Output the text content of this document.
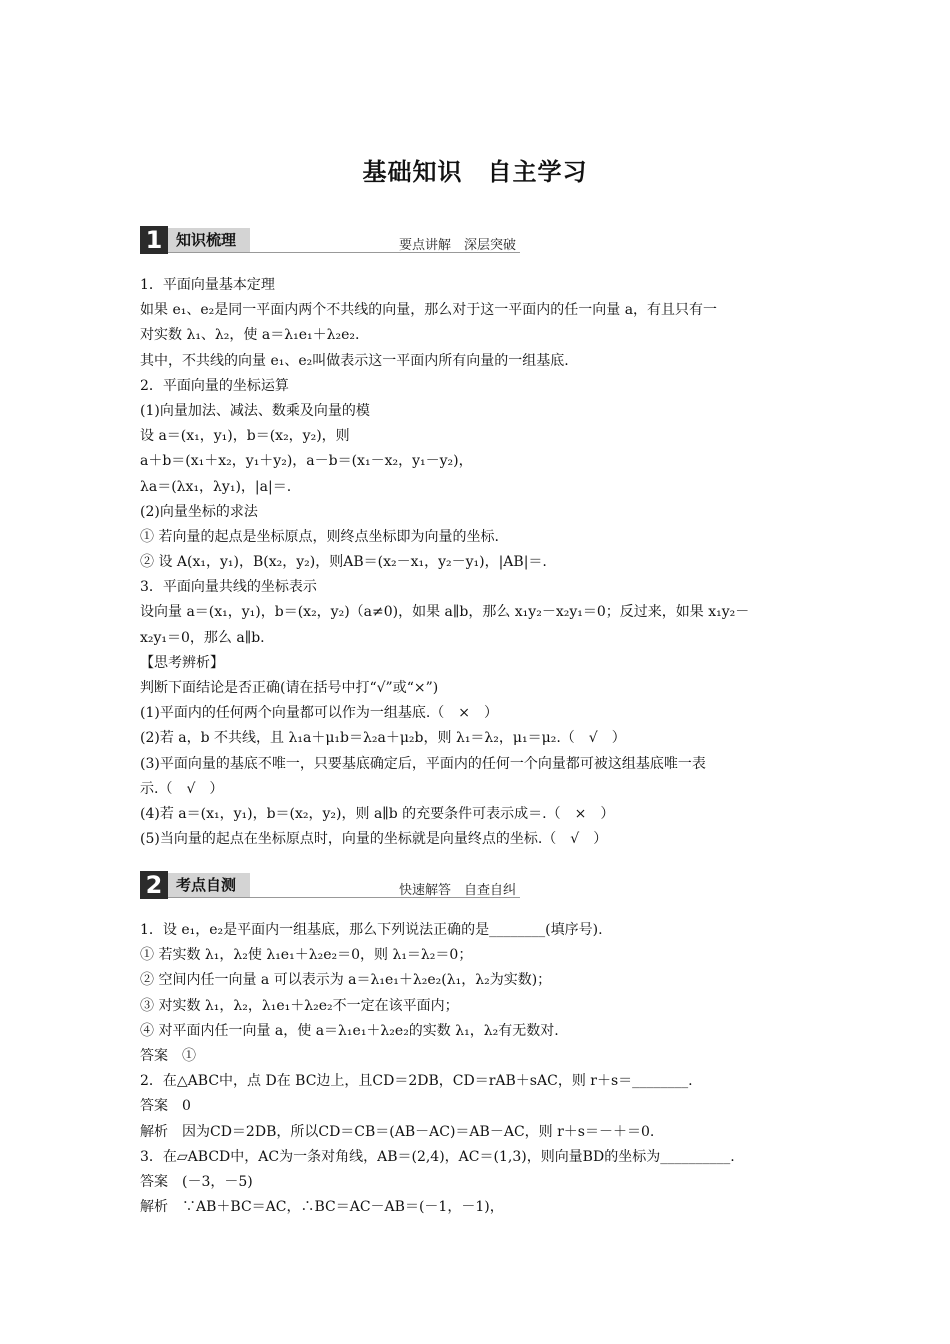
基础知识　自主学习
1 知识梳理	要点讲解　深层突破
1．平面向量基本定理
如果 e₁、e₂是同一平面内两个不共线的向量，那么对于这一平面内的任一向量 a，有且只有一
对实数 λ₁、λ₂，使 a＝λ₁e₁＋λ₂e₂.
其中，不共线的向量 e₁、e₂叫做表示这一平面内所有向量的一组基底.
2．平面向量的坐标运算
(1)向量加法、减法、数乘及向量的模
设 a＝(x₁，y₁)，b＝(x₂，y₂)，则
a＋b＝(x₁＋x₂，y₁＋y₂)，a－b＝(x₁－x₂，y₁－y₂)，
λa＝(λx₁，λy₁)，|a|＝.
(2)向量坐标的求法
① 若向量的起点是坐标原点，则终点坐标即为向量的坐标.
② 设 A(x₁，y₁)，B(x₂，y₂)，则AB＝(x₂－x₁，y₂－y₁)，|AB|＝.
3．平面向量共线的坐标表示
设向量 a＝(x₁，y₁)，b＝(x₂，y₂)（a≠0)，如果 a∥b，那么 x₁y₂－x₂y₁＝0；反过来，如果 x₁y₂－
x₂y₁＝0，那么 a∥b.
【思考辨析】
判断下面结论是否正确(请在括号中打“√”或“×”)
(1)平面内的任何两个向量都可以作为一组基底.（　×　）
(2)若 a，b 不共线，且 λ₁a＋μ₁b＝λ₂a＋μ₂b，则 λ₁＝λ₂，μ₁＝μ₂.（　√　）
(3)平面向量的基底不唯一，只要基底确定后，平面内的任何一个向量都可被这组基底唯一表
示.（　√　）
(4)若 a＝(x₁，y₁)，b＝(x₂，y₂)，则 a∥b 的充要条件可表示成＝.（　×　）
(5)当向量的起点在坐标原点时，向量的坐标就是向量终点的坐标.（　√　）
2 考点自测	快速解答　自查自纠
1．设 e₁，e₂是平面内一组基底，那么下列说法正确的是________(填序号).
① 若实数 λ₁，λ₂使 λ₁e₁＋λ₂e₂＝0，则 λ₁＝λ₂＝0；
② 空间内任一向量 a 可以表示为 a＝λ₁e₁＋λ₂e₂(λ₁，λ₂为实数)；
③ 对实数 λ₁，λ₂，λ₁e₁＋λ₂e₂不一定在该平面内；
④ 对平面内任一向量 a，使 a＝λ₁e₁＋λ₂e₂的实数 λ₁，λ₂有无数对.
答案　①
2．在△ABC中，点 D在 BC边上，且CD＝2DB，CD＝rAB＋sAC，则 r＋s＝________.
答案　0
解析　因为CD＝2DB，所以CD＝CB＝(AB－AC)＝AB－AC，则 r＋s＝－＋＝0.
3．在▱ABCD中，AC为一条对角线，AB＝(2,4)，AC＝(1,3)，则向量BD的坐标为__________.
答案　(－3，－5)
解析　∵AB＋BC＝AC，∴BC＝AC－AB＝(－1，－1)，
